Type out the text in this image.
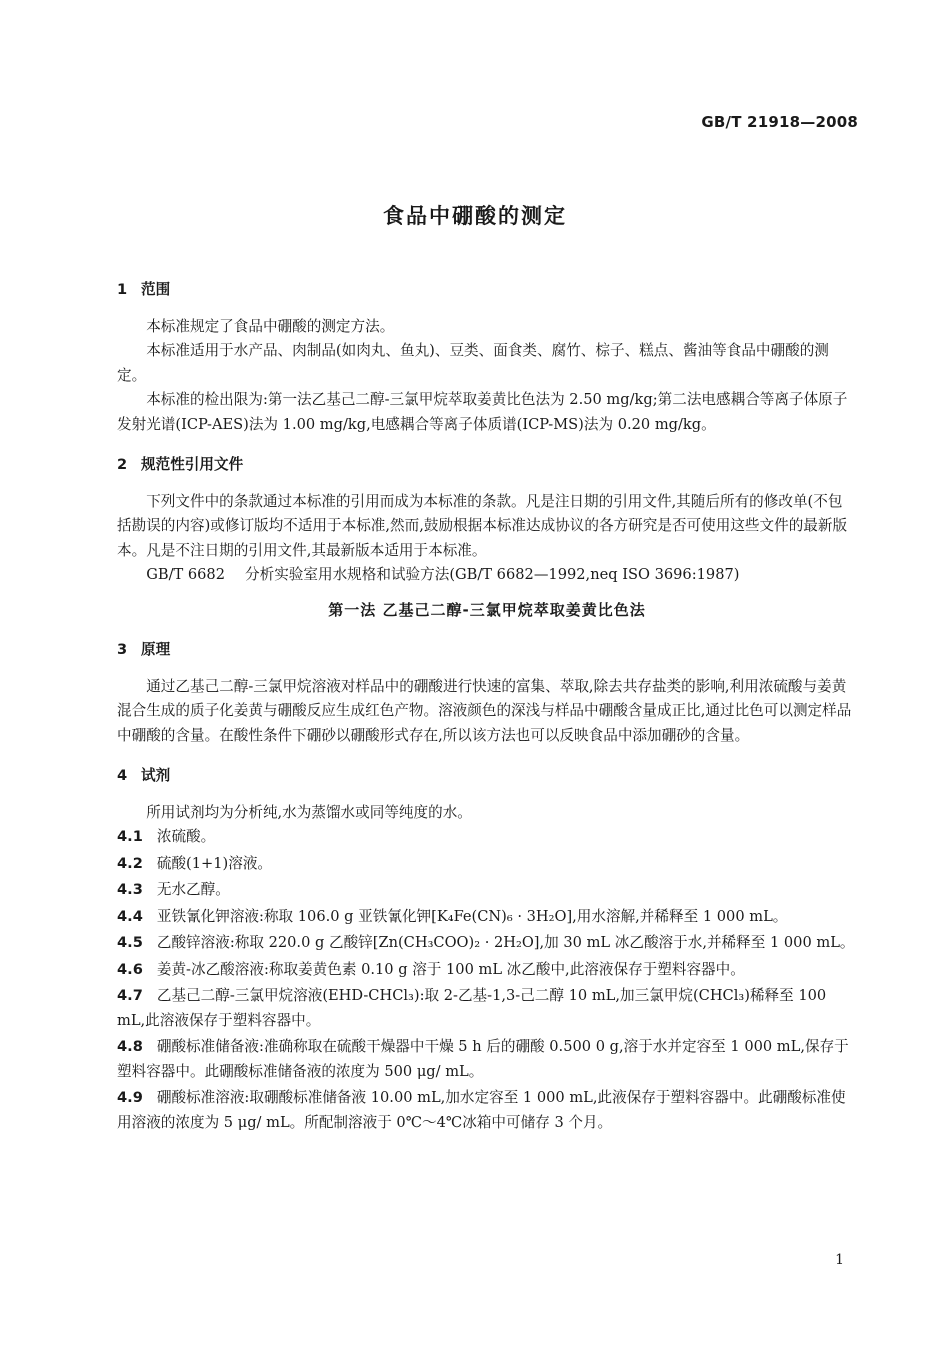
GB/T 21918—2008
食品中硼酸的测定
1 范围

本标准规定了食品中硼酸的测定方法。

本标准适用于水产品、肉制品(如肉丸、鱼丸)、豆类、面食类、腐竹、棕子、糕点、酱油等食品中硼酸的测定。

本标准的检出限为:第一法乙基己二醇-三氯甲烷萃取姜黄比色法为 2.50 mg/kg;第二法电感耦合等离子体原子发射光谱(ICP-AES)法为 1.00 mg/kg,电感耦合等离子体质谱(ICP-MS)法为 0.20 mg/kg。

2 规范性引用文件

下列文件中的条款通过本标准的引用而成为本标准的条款。凡是注日期的引用文件,其随后所有的修改单(不包括勘误的内容)或修订版均不适用于本标准,然而,鼓励根据本标准达成协议的各方研究是否可使用这些文件的最新版本。凡是不注日期的引用文件,其最新版本适用于本标准。

GB/T 6682 分析实验室用水规格和试验方法(GB/T 6682—1992,neq ISO 3696:1987)

第一法 乙基己二醇-三氯甲烷萃取姜黄比色法
3 原理

通过乙基己二醇-三氯甲烷溶液对样品中的硼酸进行快速的富集、萃取,除去共存盐类的影响,利用浓硫酸与姜黄混合生成的质子化姜黄与硼酸反应生成红色产物。溶液颜色的深浅与样品中硼酸含量成正比,通过比色可以测定样品中硼酸的含量。在酸性条件下硼砂以硼酸形式存在,所以该方法也可以反映食品中添加硼砂的含量。

4 试剂

所用试剂均为分析纯,水为蒸馏水或同等纯度的水。

4.1 浓硫酸。

4.2 硫酸(1+1)溶液。

4.3 无水乙醇。

4.4 亚铁氰化钾溶液:称取 106.0 g 亚铁氰化钾[K₄Fe(CN)₆ · 3H₂O],用水溶解,并稀释至 1 000 mL。

4.5 乙酸锌溶液:称取 220.0 g 乙酸锌[Zn(CH₃COO)₂ · 2H₂O],加 30 mL 冰乙酸溶于水,并稀释至 1 000 mL。

4.6 姜黄-冰乙酸溶液:称取姜黄色素 0.10 g 溶于 100 mL 冰乙酸中,此溶液保存于塑料容器中。

4.7 乙基己二醇-三氯甲烷溶液(EHD-CHCl₃):取 2-乙基-1,3-己二醇 10 mL,加三氯甲烷(CHCl₃)稀释至 100 mL,此溶液保存于塑料容器中。

4.8 硼酸标准储备液:准确称取在硫酸干燥器中干燥 5 h 后的硼酸 0.500 0 g,溶于水并定容至 1 000 mL,保存于塑料容器中。此硼酸标准储备液的浓度为 500 μg/ mL。

4.9 硼酸标准溶液:取硼酸标准储备液 10.00 mL,加水定容至 1 000 mL,此液保存于塑料容器中。此硼酸标准使用溶液的浓度为 5 μg/ mL。所配制溶液于 0℃～4℃冰箱中可储存 3 个月。

1
